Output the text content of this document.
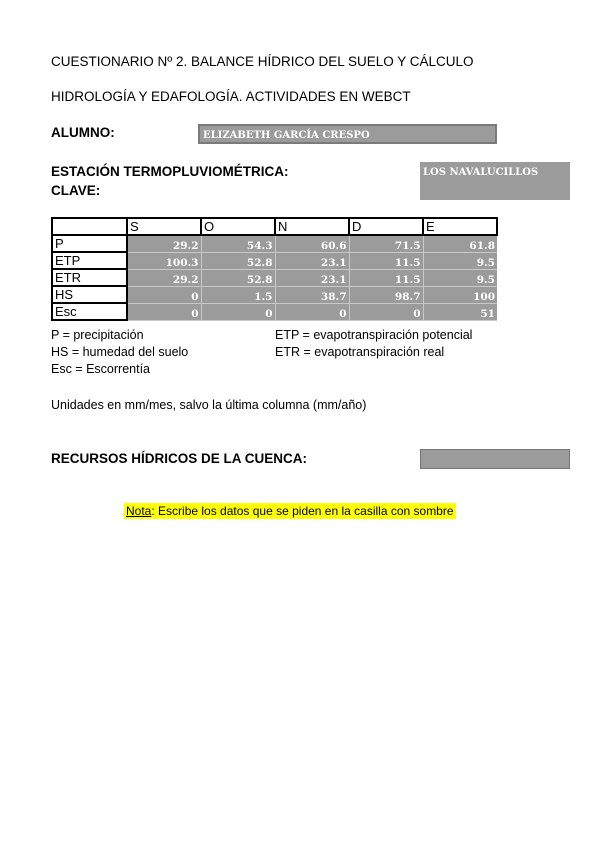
CUESTIONARIO Nº 2. BALANCE HÍDRICO DEL SUELO Y CÁLCULO
HIDROLOGÍA Y EDAFOLOGÍA. ACTIVIDADES EN WEBCT
ALUMNO:	ELIZABETH GARCÍA CRESPO
ESTACIÓN TERMOPLUVIOMÉTRICA:
CLAVE:
LOS NAVALUCILLOS
	S	O	N	D	E
P	29.2	54.3	60.6	71.5	61.8
ETP	100.3	52.8	23.1	11.5	9.5
ETR	29.2	52.8	23.1	11.5	9.5
HS	0	1.5	38.7	98.7	100
Esc	0	0	0	0	51
P = precipitación	ETP = evapotranspiración potencial
HS = humedad del suelo	ETR = evapotranspiración real
Esc = Escorrentía
Unidades en mm/mes, salvo la última columna (mm/año)
RECURSOS HÍDRICOS DE LA CUENCA:
Nota: Escribe los datos que se piden en la casilla con sombre
